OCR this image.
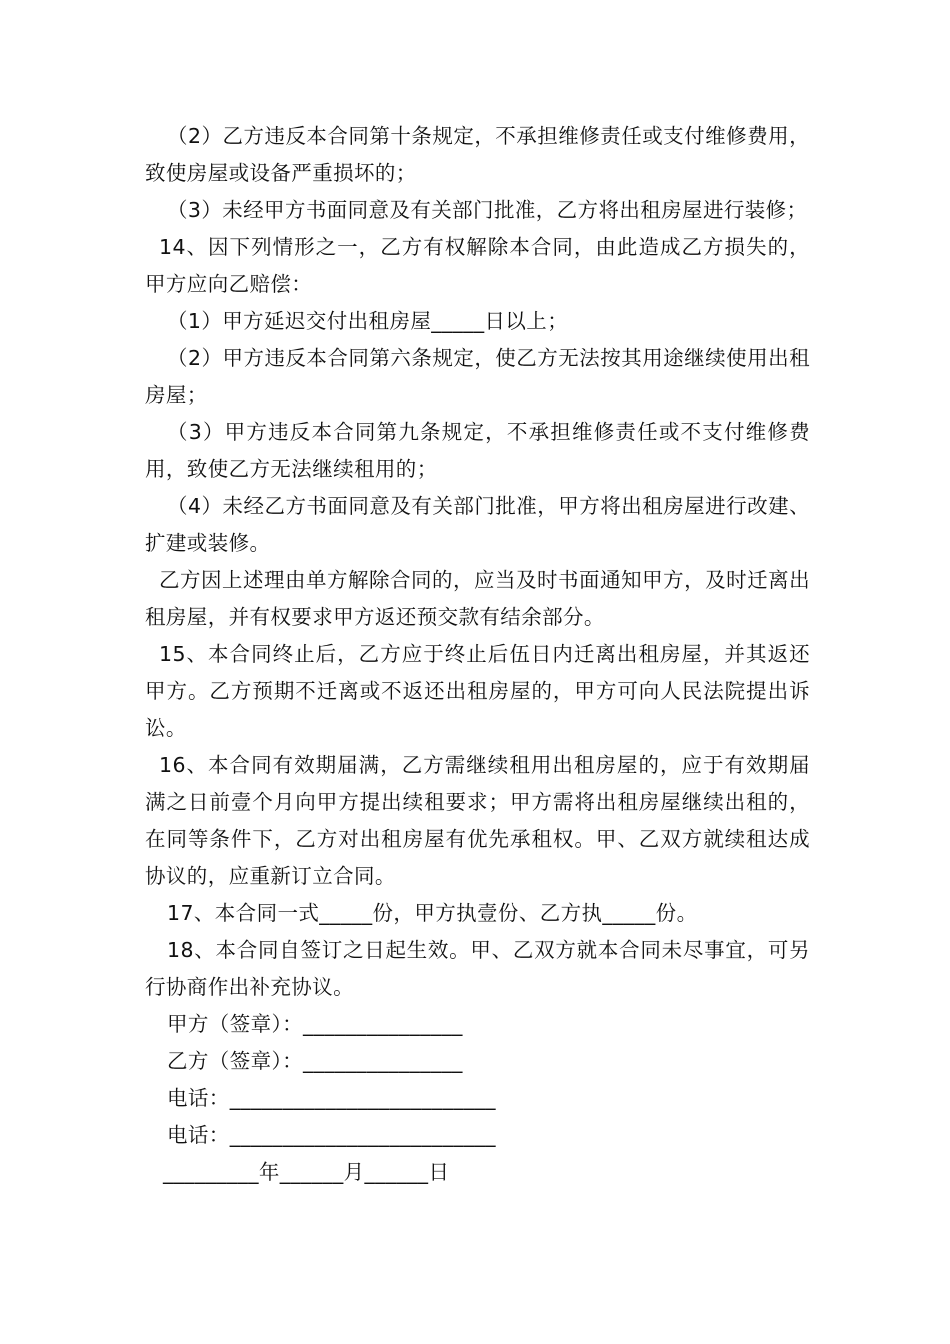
（2）乙方违反本合同第十条规定，不承担维修责任或支付维修费用，致使房屋或设备严重损坏的；

（3）未经甲方书面同意及有关部门批准，乙方将出租房屋进行装修；

14、因下列情形之一，乙方有权解除本合同，由此造成乙方损失的，甲方应向乙赔偿：

（1）甲方延迟交付出租房屋_____日以上；

（2）甲方违反本合同第六条规定，使乙方无法按其用途继续使用出租房屋；

（3）甲方违反本合同第九条规定，不承担维修责任或不支付维修费用，致使乙方无法继续租用的；

（4）未经乙方书面同意及有关部门批准，甲方将出租房屋进行改建、扩建或装修。

乙方因上述理由单方解除合同的，应当及时书面通知甲方，及时迁离出租房屋，并有权要求甲方返还预交款有结余部分。

15、本合同终止后，乙方应于终止后伍日内迁离出租房屋，并其返还甲方。乙方预期不迁离或不返还出租房屋的，甲方可向人民法院提出诉讼。

16、本合同有效期届满，乙方需继续租用出租房屋的，应于有效期届满之日前壹个月向甲方提出续租要求；甲方需将出租房屋继续出租的，在同等条件下，乙方对出租房屋有优先承租权。甲、乙双方就续租达成协议的，应重新订立合同。

17、本合同一式_____份，甲方执壹份、乙方执_____份。

18、本合同自签订之日起生效。甲、乙双方就本合同未尽事宜，可另行协商作出补充协议。

甲方（签章）：_______________

乙方（签章）：_______________

电话：_________________________

电话：_________________________

_________年______月______日
